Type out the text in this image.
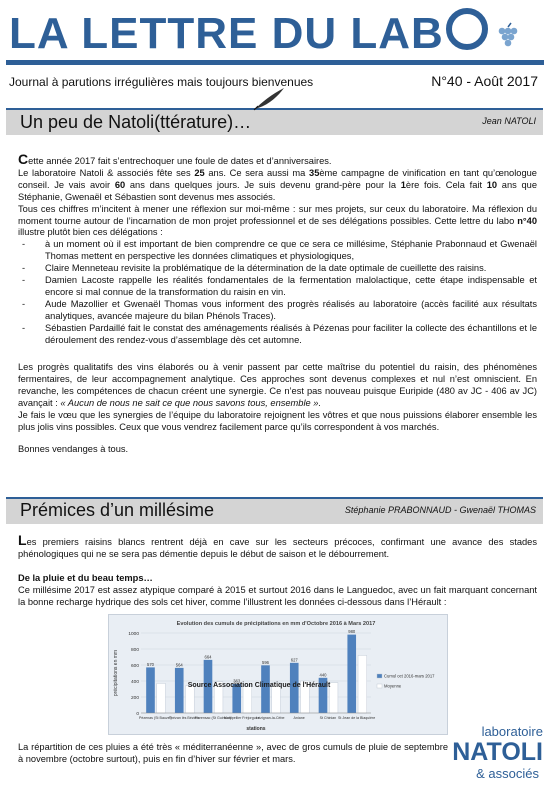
LA LETTRE DU LAB
Journal à parutions irrégulières mais toujours bienvenues	N°40 - Août 2017
Un peu de Natoli(ttérature)…	Jean NATOLI

Cette année 2017 fait s’entrechoquer une foule de dates et d’anniversaires.

Le laboratoire Natoli & associés fête ses 25 ans. Ce sera aussi ma 35ème campagne de vinification en tant qu’œnologue conseil. Je vais avoir 60 ans dans quelques jours. Je suis devenu grand-père pour la 1ère fois. Cela fait 10 ans que Stéphanie, Gwenaël et Sébastien sont devenus mes associés.

Tous ces chiffres m’incitent à mener une réflexion sur moi-même : sur mes projets, sur ceux du laboratoire. Ma réflexion du moment tourne autour de l’incarnation de mon projet professionnel et de ses délégations possibles. Cette lettre du labo n°40 illustre plutôt bien ces délégations :

- à un moment où il est important de bien comprendre ce que ce sera ce millésime, Stéphanie Prabonnaud et Gwenaël Thomas mettent en perspective les données climatiques et physiologiques,
- Claire Menneteau revisite la problématique de la détermination de la date optimale de cueillette des raisins.
- Damien Lacoste rappelle les réalités fondamentales de la fermentation malolactique, cette étape indispensable et encore si mal connue de la transformation du raisin en vin.
- Aude Mazollier et Gwenaël Thomas vous informent des progrès réalisés au laboratoire (accès facilité aux résultats analytiques, avancée majeure du bilan Phénols Traces).
- Sébastien Pardaillé fait le constat des aménagements réalisés à Pézenas pour faciliter la collecte des échantillons et le déroulement des rendez-vous d’assemblage dès cet automne.

Les progrès qualitatifs des vins élaborés ou à venir passent par cette maîtrise du potentiel du raisin, des phénomènes fermentaires, de leur accompagnement analytique. Ces approches sont devenus complexes et nul n’est omniscient. En revanche, les compétences de chacun créent une synergie. Ce n’est pas nouveau puisque Euripide (480 av JC - 406 av JC) avançait : « Aucun de nous ne sait ce que nous savons tous, ensemble ».

Je fais le vœu que les synergies de l’équipe du laboratoire rejoignent les vôtres et que nous puissions élaborer ensemble les plus jolis vins possibles. Ceux que vous vendrez facilement parce qu’ils correspondent à vos marchés.

Bonnes vendanges à tous.

Prémices d’un millésime	Stéphanie PRABONNAUD - Gwenaël THOMAS

Les premiers raisins blancs rentrent déjà en cave sur les secteurs précoces, confirmant une avance des stades phénologiques qui ne se sera pas démentie depuis le début de saison et le débourrement.

De la pluie et du beau temps…
Ce millésime 2017 est assez atypique comparé à 2015 et surtout 2016 dans le Languedoc, avec un fait marquant concernant la bonne recharge hydrique des sols cet hiver, comme l’illustrent les données ci-dessous dans l’Hérault :
Evolution des cumuls de précipitations en mm d'Octobre 2016 à Mars 2017
0
200
400
600
800
1000
précipitations en mm	570
Pézenas (St Bauzel)
564
Thézan lès Béziers
664
Florensac (St Guiraud)
363
Montpellier Fréjorgues
596
Lézignan-la-Cèbe
627
Aniane
440
St Chinian
980
St Jean de la Blaquière
stations
Cumul oct 2016-mars 2017
Moyenne
Source Association Climatique de l'Hérault
La répartition de ces pluies a été très « méditerranéenne », avec de gros cumuls de pluie de septembre à novembre (octobre surtout), puis en fin d’hiver sur février et mars.
laboratoire
NATOLI
& associés
